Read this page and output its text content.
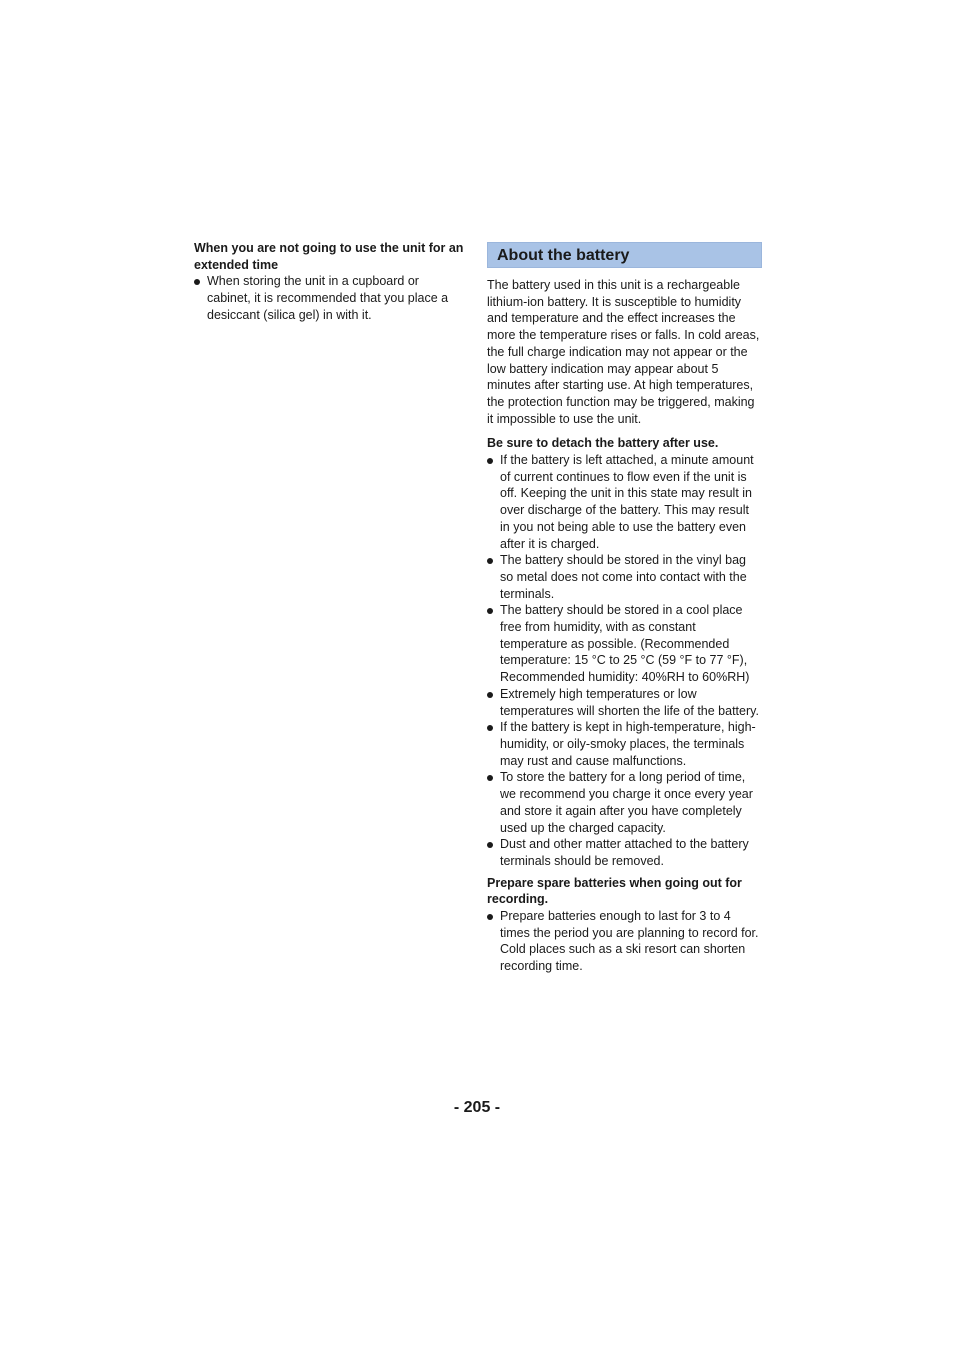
When you are not going to use the unit for an extended time

When storing the unit in a cupboard or cabinet, it is recommended that you place a desiccant (silica gel) in with it.
About the battery

The battery used in this unit is a rechargeable lithium-ion battery. It is susceptible to humidity and temperature and the effect increases the more the temperature rises or falls. In cold areas, the full charge indication may not appear or the low battery indication may appear about 5 minutes after starting use. At high temperatures, the protection function may be triggered, making it impossible to use the unit.

Be sure to detach the battery after use.

If the battery is left attached, a minute amount of current continues to flow even if the unit is off. Keeping the unit in this state may result in over discharge of the battery. This may result in you not being able to use the battery even after it is charged.
The battery should be stored in the vinyl bag so metal does not come into contact with the terminals.
The battery should be stored in a cool place free from humidity, with as constant temperature as possible. (Recommended temperature: 15 °C to 25 °C (59 °F to 77 °F), Recommended humidity: 40%RH to 60%RH)
Extremely high temperatures or low temperatures will shorten the life of the battery.
If the battery is kept in high-temperature, high-humidity, or oily-smoky places, the terminals may rust and cause malfunctions.
To store the battery for a long period of time, we recommend you charge it once every year and store it again after you have completely used up the charged capacity.
Dust and other matter attached to the battery terminals should be removed.

Prepare spare batteries when going out for recording.

Prepare batteries enough to last for 3 to 4 times the period you are planning to record for. Cold places such as a ski resort can shorten recording time.
- 205 -
